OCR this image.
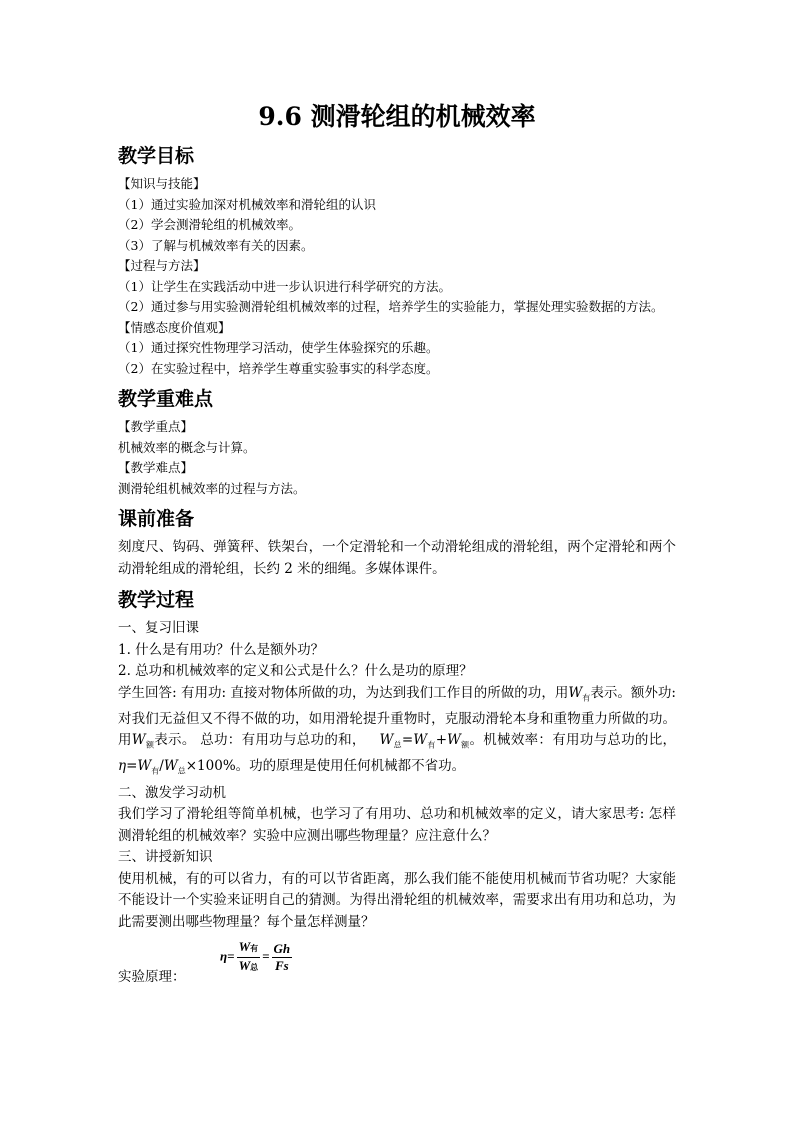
9.6 测滑轮组的机械效率
教学目标
【知识与技能】
（1）通过实验加深对机械效率和滑轮组的认识
（2）学会测滑轮组的机械效率。
（3）了解与机械效率有关的因素。
【过程与方法】
（1）让学生在实践活动中进一步认识进行科学研究的方法。
（2）通过参与用实验测滑轮组机械效率的过程，培养学生的实验能力，掌握处理实验数据的方法。
【情感态度价值观】
（1）通过探究性物理学习活动，使学生体验探究的乐趣。
（2）在实验过程中，培养学生尊重实验事实的科学态度。
教学重难点
【教学重点】
机械效率的概念与计算。
【教学难点】
测滑轮组机械效率的过程与方法。
课前准备
刻度尺、钩码、弹簧秤、铁架台，一个定滑轮和一个动滑轮组成的滑轮组，两个定滑轮和两个动滑轮组成的滑轮组，长约 2 米的细绳。多媒体课件。
教学过程
一、复习旧课
1. 什么是有用功？什么是额外功？
2. 总功和机械效率的定义和公式是什么？什么是功的原理？
学生回答: 有用功: 直接对物体所做的功，为达到我们工作目的所做的功，用$W_有$表示。额外功: 对我们无益但又不得不做的功，如用滑轮提升重物时，克服动滑轮本身和重物重力所做的功。用$W_额$表示。 总功：有用功与总功的和， $W_总=W_有+W_额$。机械效率：有用功与总功的比，$\eta=W_有/W_总\times 100\%$。功的原理是使用任何机械都不省功。
二、激发学习动机
我们学习了滑轮组等简单机械，也学习了有用功、总功和机械效率的定义，请大家思考: 怎样测滑轮组的机械效率？实验中应测出哪些物理量？应注意什么？
三、讲授新知识
使用机械，有的可以省力，有的可以节省距离，那么我们能不能使用机械而节省功呢？大家能不能设计一个实验来证明自己的猜测。为得出滑轮组的机械效率，需要求出有用功和总功，为此需要测出哪些物理量？每个量怎样测量？
实验原理：
$\eta= \frac{\text{W有}}{\text{W总}} = \frac{Gh}{Fs}$
